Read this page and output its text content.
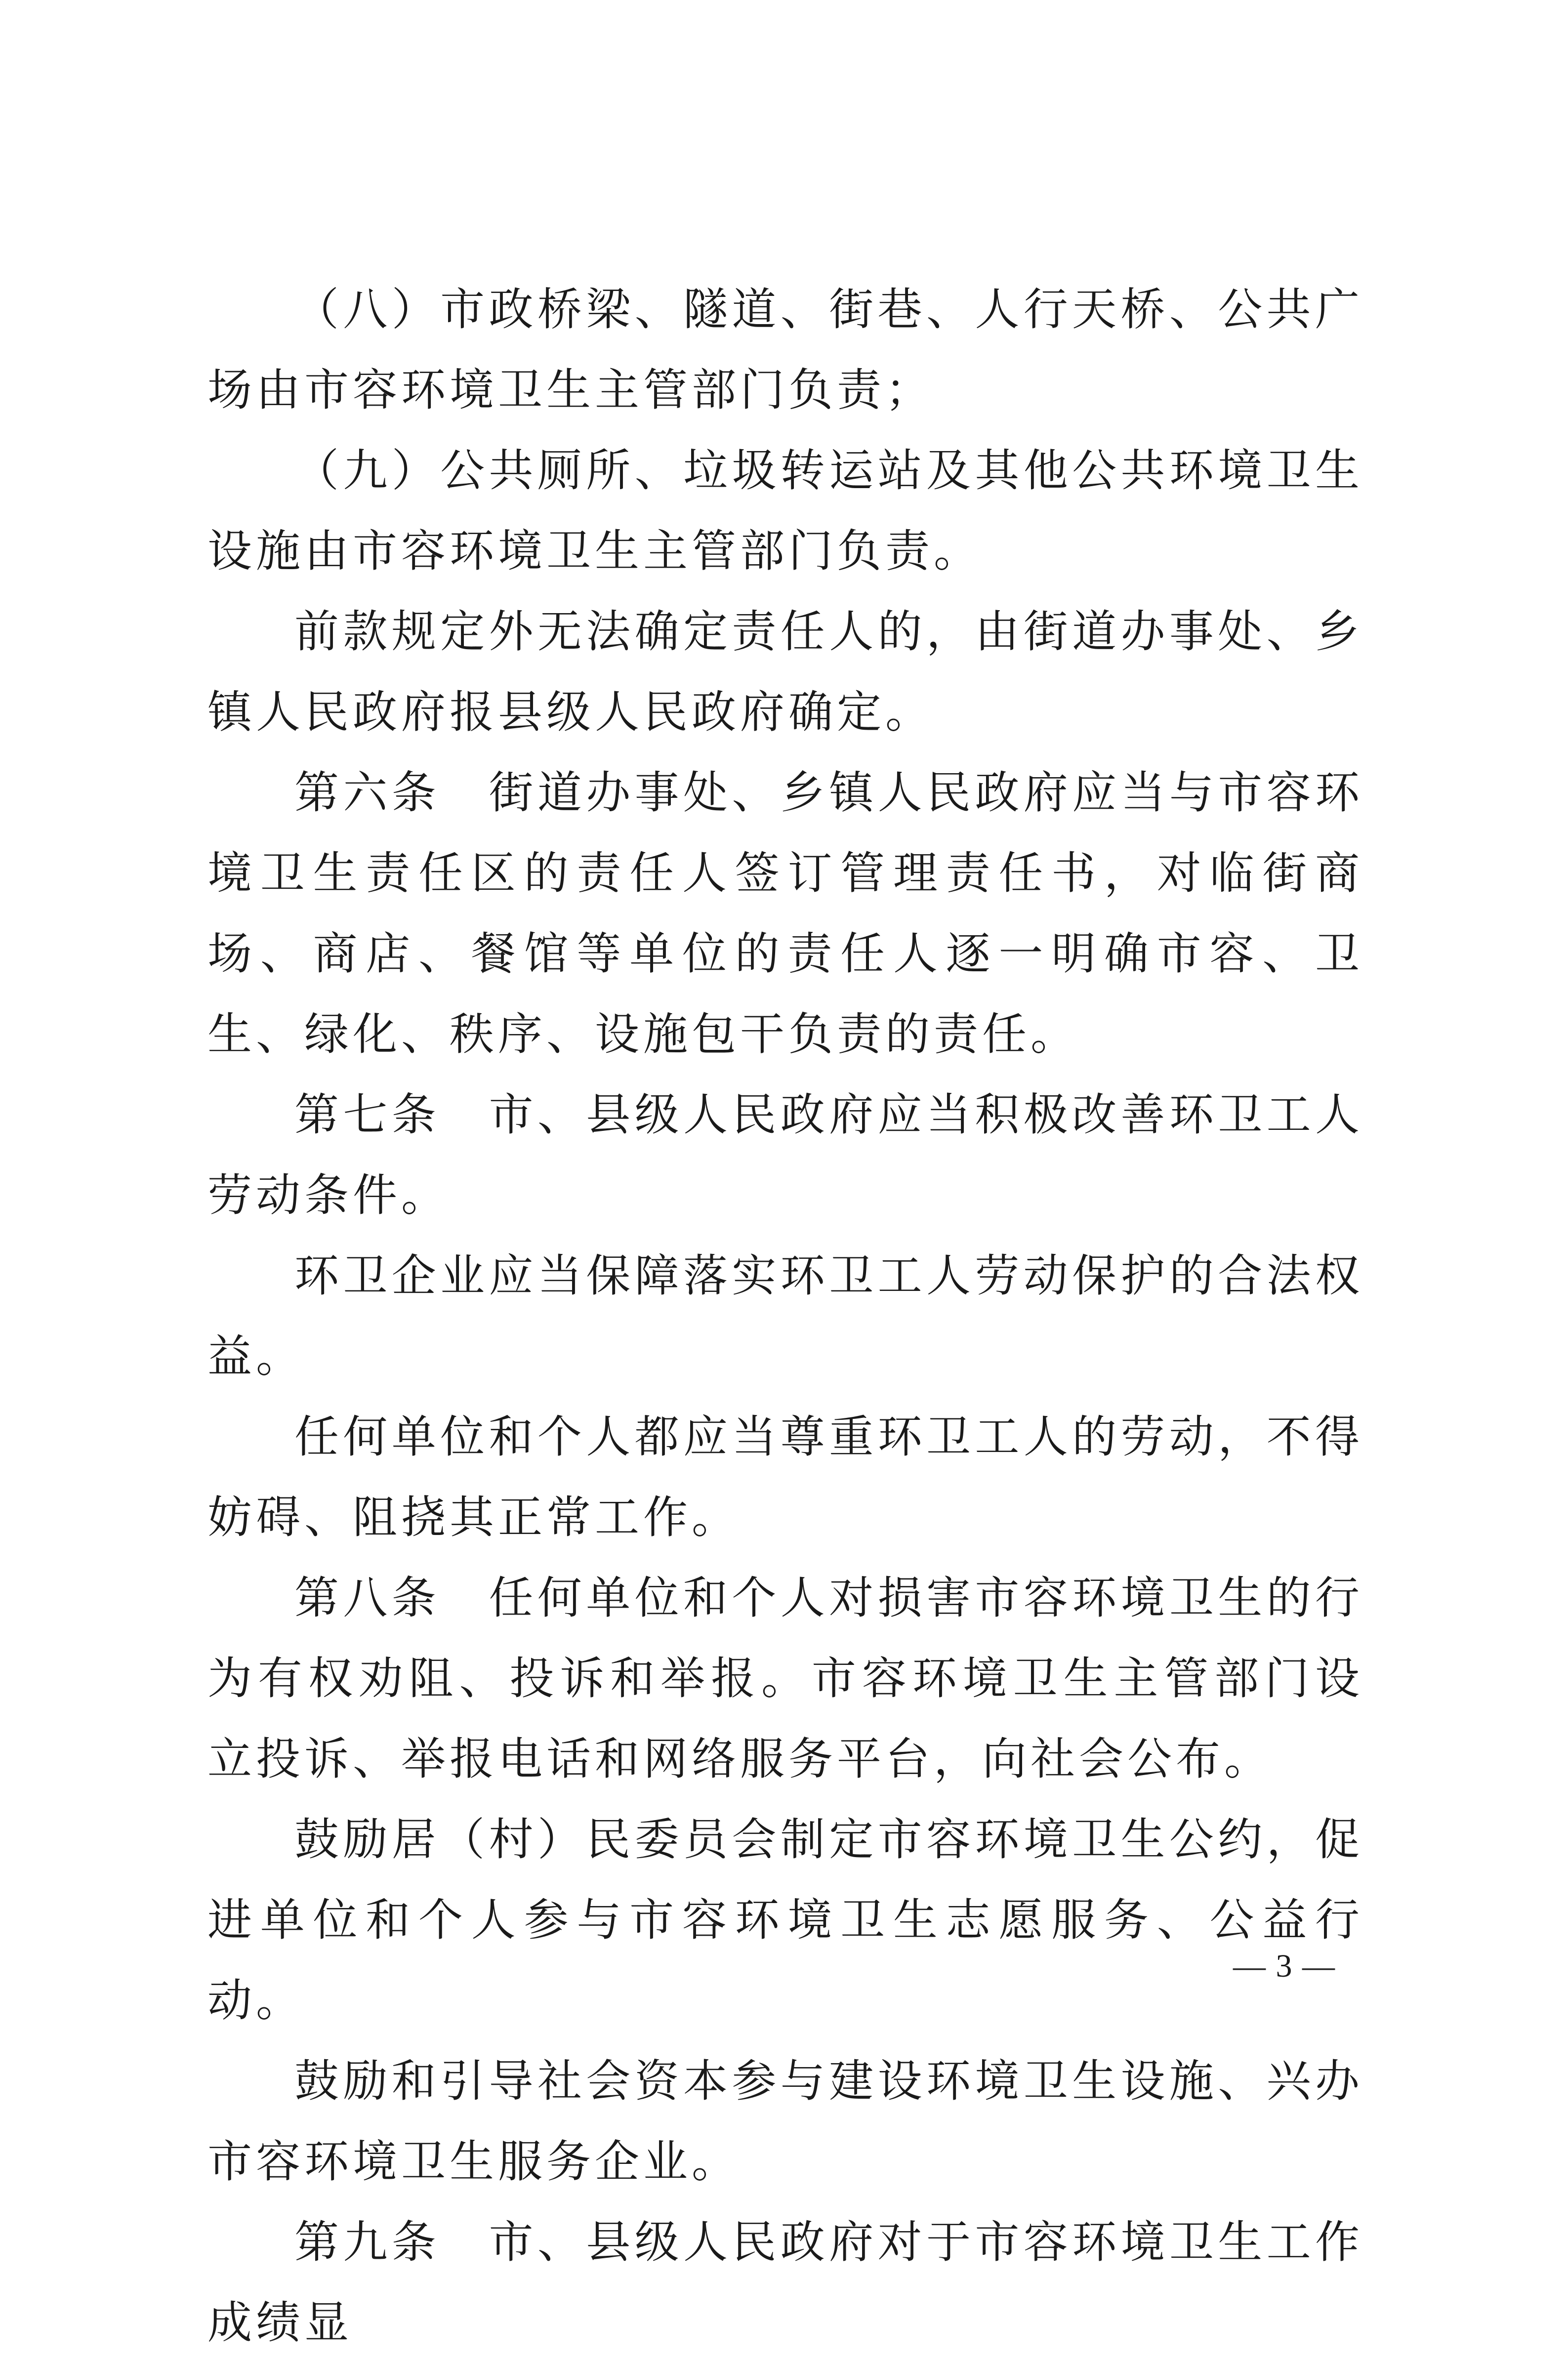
（八）市政桥梁、隧道、街巷、人行天桥、公共广场由市容环境卫生主管部门负责；

（九）公共厕所、垃圾转运站及其他公共环境卫生设施由市容环境卫生主管部门负责。

前款规定外无法确定责任人的，由街道办事处、乡镇人民政府报县级人民政府确定。

第六条　街道办事处、乡镇人民政府应当与市容环境卫生责任区的责任人签订管理责任书，对临街商场、商店、餐馆等单位的责任人逐一明确市容、卫生、绿化、秩序、设施包干负责的责任。

第七条　市、县级人民政府应当积极改善环卫工人劳动条件。

环卫企业应当保障落实环卫工人劳动保护的合法权益。

任何单位和个人都应当尊重环卫工人的劳动，不得妨碍、阻挠其正常工作。

第八条　任何单位和个人对损害市容环境卫生的行为有权劝阻、投诉和举报。市容环境卫生主管部门设立投诉、举报电话和网络服务平台，向社会公布。

鼓励居（村）民委员会制定市容环境卫生公约，促进单位和个人参与市容环境卫生志愿服务、公益行动。

鼓励和引导社会资本参与建设环境卫生设施、兴办市容环境卫生服务企业。

第九条　市、县级人民政府对于市容环境卫生工作成绩显

— 3 —
